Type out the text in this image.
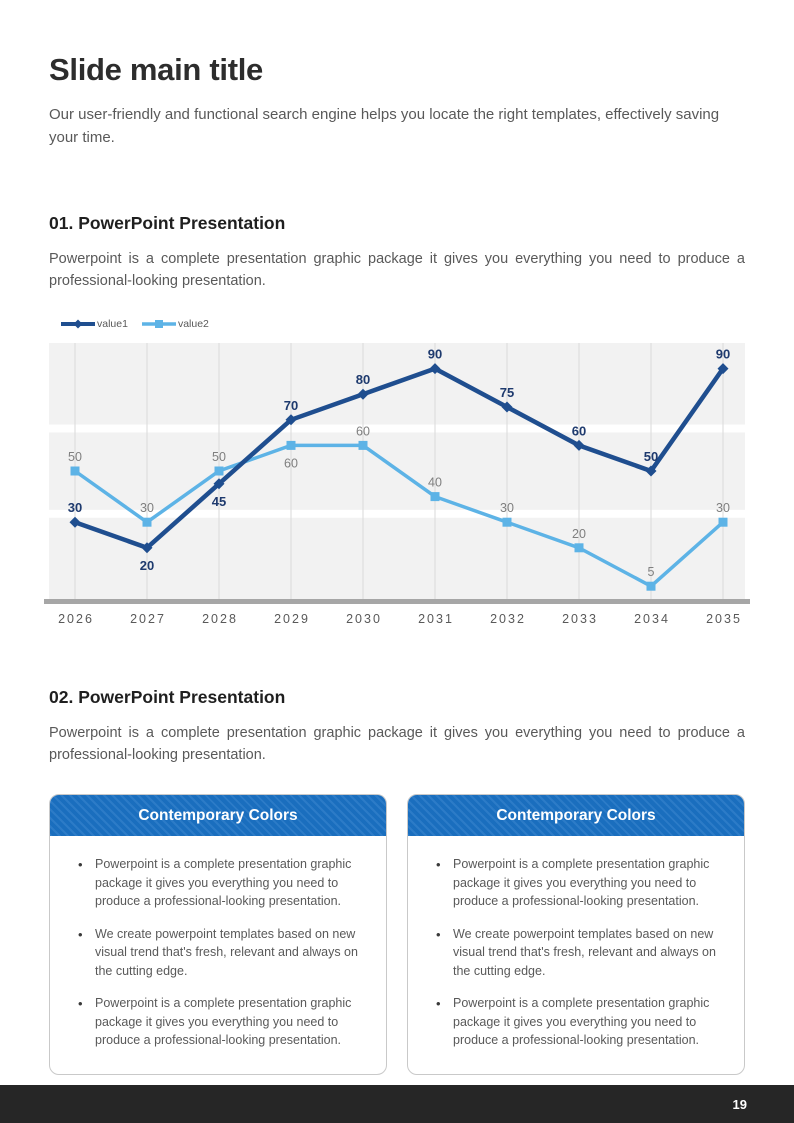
Slide main title

Our user-friendly and functional search engine helps you locate the right templates, effectively saving your time.

01. PowerPoint Presentation

Powerpoint is a complete presentation graphic package it gives you everything you need to produce a professional-looking presentation.

value1	value2
30
20
45
70
80
90
75
60
50
90
50
30
50	60
60
40
30
20
5
30
2026	2027	2028	2029	2030	2031	2032	2033	2034	2035
02. PowerPoint Presentation

Powerpoint is a complete presentation graphic package it gives you everything you need to produce a professional-looking presentation.

Contemporary Colors
• Powerpoint is a complete presentation graphic package it gives you everything you need to produce a professional-looking presentation.
• We create powerpoint templates based on new visual trend that's fresh, relevant and always on the cutting edge.
• Powerpoint is a complete presentation graphic package it gives you everything you need to produce a professional-looking presentation.
Contemporary Colors
• Powerpoint is a complete presentation graphic package it gives you everything you need to produce a professional-looking presentation.
• We create powerpoint templates based on new visual trend that's fresh, relevant and always on the cutting edge.
• Powerpoint is a complete presentation graphic package it gives you everything you need to produce a professional-looking presentation.
19
